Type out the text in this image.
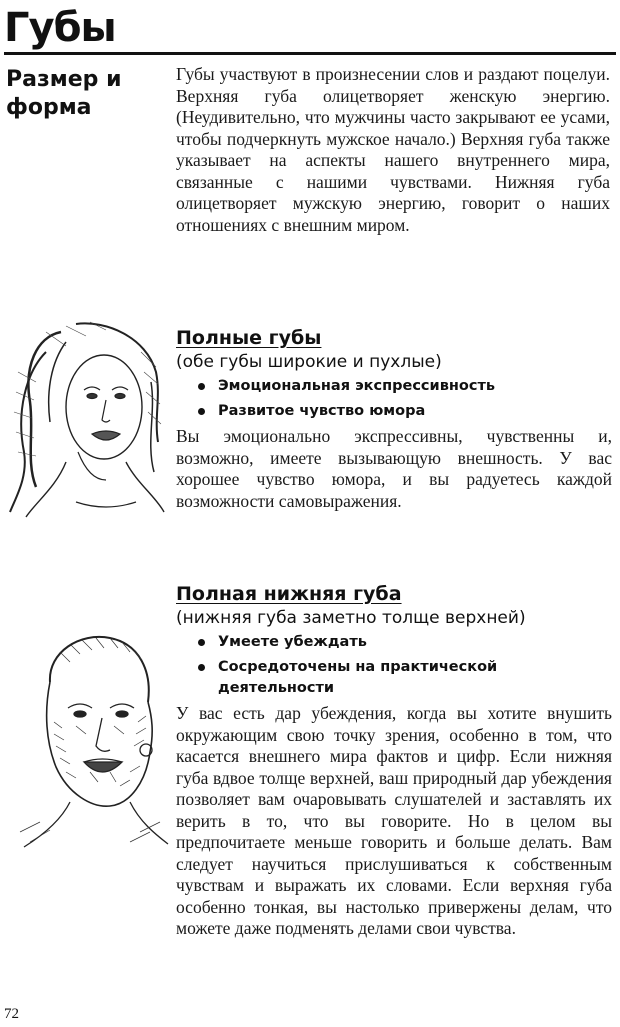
Губы
Размер и форма
Губы участвуют в произнесении слов и раздают поцелуи. Верхняя губа олицетворяет женскую энергию. (Неудивительно, что мужчины часто закрывают ее усами, чтобы подчеркнуть мужское начало.) Верхняя губа также указывает на аспекты нашего внутреннего мира, связанные с нашими чувствами. Нижняя губа олицетворяет мужскую энергию, говорит о наших отношениях с внешним миром.
Полные губы
(обе губы широкие и пухлые)
Эмоциональная экспрессивность
Развитое чувство юмора
Вы эмоционально экспрессивны, чувственны и, возможно, имеете вызывающую внешность. У вас хорошее чувство юмора, и вы радуетесь каждой возможности самовыражения.
Полная нижняя губа
(нижняя губа заметно толще верхней)
Умеете убеждать
Сосредоточены на практической деятельности
У вас есть дар убеждения, когда вы хотите внушить окружающим свою точку зрения, особенно в том, что касается внешнего мира фактов и цифр. Если нижняя губа вдвое толще верхней, ваш природный дар убеждения позволяет вам очаровывать слушателей и заставлять их верить в то, что вы говорите. Но в целом вы предпочитаете меньше говорить и больше делать. Вам следует научиться прислушиваться к собственным чувствам и выражать их словами. Если верхняя губа особенно тонкая, вы настолько привержены делам, что можете даже подменять делами свои чувства.
72
